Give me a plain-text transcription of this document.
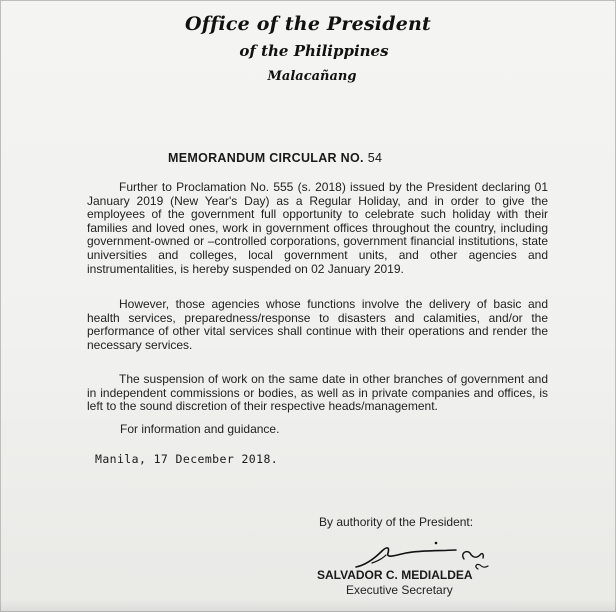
Office of the President
of the Philippines
Malacañang
MEMORANDUM CIRCULAR NO. 54

Further to Proclamation No. 555 (s. 2018) issued by the President declaring 01 January 2019 (New Year's Day) as a Regular Holiday, and in order to give the employees of the government full opportunity to celebrate such holiday with their families and loved ones, work in government offices throughout the country, including government-owned or –controlled corporations, government financial institutions, state universities and colleges, local government units, and other agencies and instrumentalities, is hereby suspended on 02 January 2019.

However, those agencies whose functions involve the delivery of basic and health services, preparedness/response to disasters and calamities, and/or the performance of other vital services shall continue with their operations and render the necessary services.

The suspension of work on the same date in other branches of government and in independent commissions or bodies, as well as in private companies and offices, is left to the sound discretion of their respective heads/management.

For information and guidance.

Manila, 17 December 2018.
By authority of the President:
SALVADOR C. MEDIALDEA
Executive Secretary
